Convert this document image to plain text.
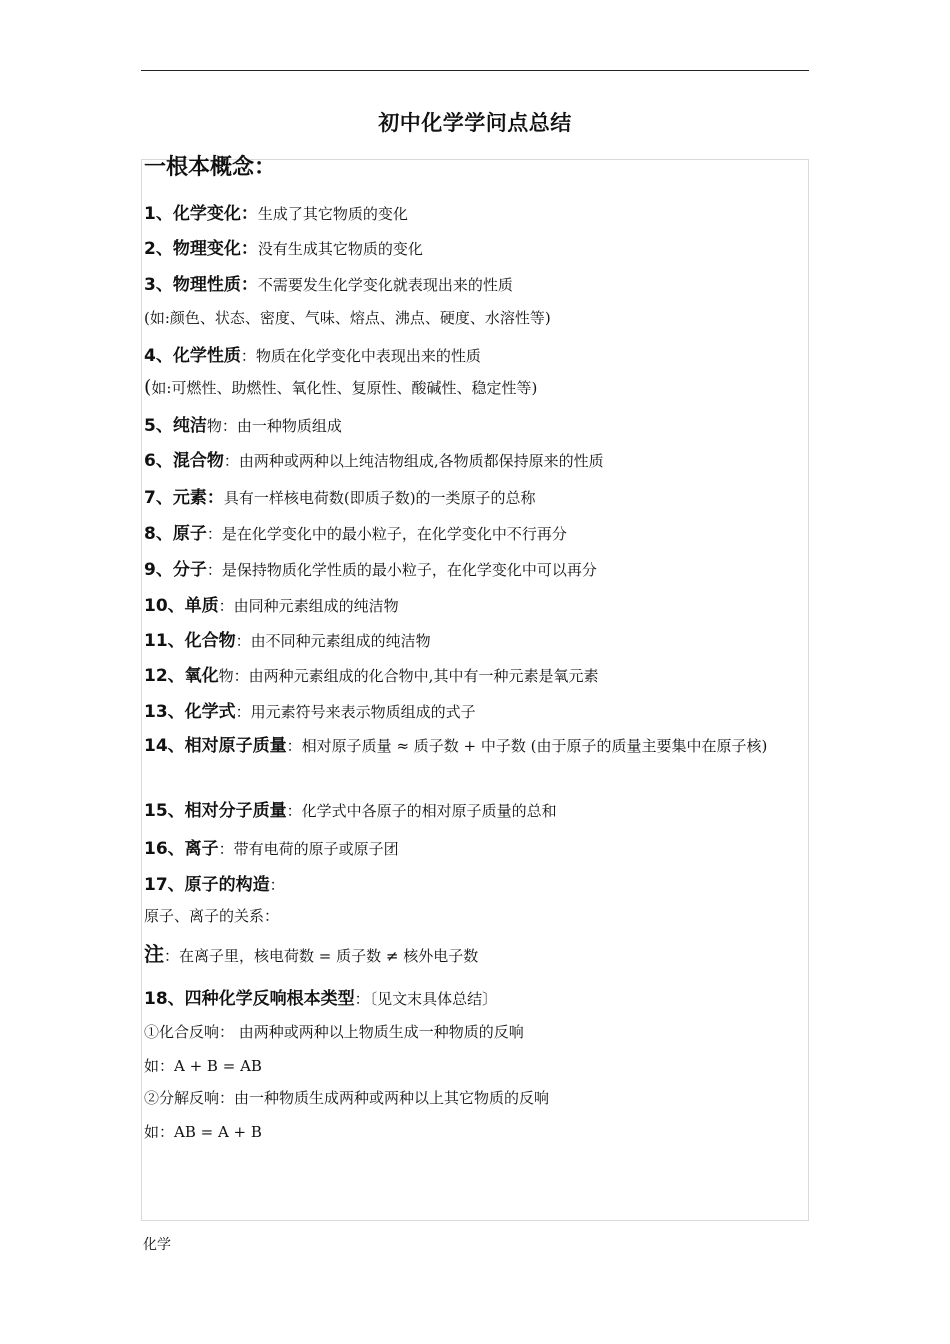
初中化学学问点总结
一根本概念：
1、化学变化：生成了其它物质的变化
2、物理变化：没有生成其它物质的变化
3、物理性质：不需要发生化学变化就表现出来的性质
(如:颜色、状态、密度、气味、熔点、沸点、硬度、水溶性等)
4、化学性质：物质在化学变化中表现出来的性质
(如:可燃性、助燃性、氧化性、复原性、酸碱性、稳定性等)
5、纯洁物：由一种物质组成
6、混合物：由两种或两种以上纯洁物组成,各物质都保持原来的性质
7、元素：具有一样核电荷数(即质子数)的一类原子的总称
8、原子：是在化学变化中的最小粒子，在化学变化中不行再分
9、分子：是保持物质化学性质的最小粒子，在化学变化中可以再分
10、单质：由同种元素组成的纯洁物
11、化合物：由不同种元素组成的纯洁物
12、氧化物：由两种元素组成的化合物中,其中有一种元素是氧元素
13、化学式：用元素符号来表示物质组成的式子
14、相对原子质量：相对原子质量 ≈ 质子数 + 中子数 (由于原子的质量主要集中在原子核)
15、相对分子质量：化学式中各原子的相对原子质量的总和
16、离子：带有电荷的原子或原子团
17、原子的构造：
原子、离子的关系：
注：在离子里，核电荷数 = 质子数 ≠ 核外电子数
18、四种化学反响根本类型：〔见文末具体总结〕
①化合反响： 由两种或两种以上物质生成一种物质的反响
如：A + B = AB
②分解反响：由一种物质生成两种或两种以上其它物质的反响
如：AB = A + B
化学
